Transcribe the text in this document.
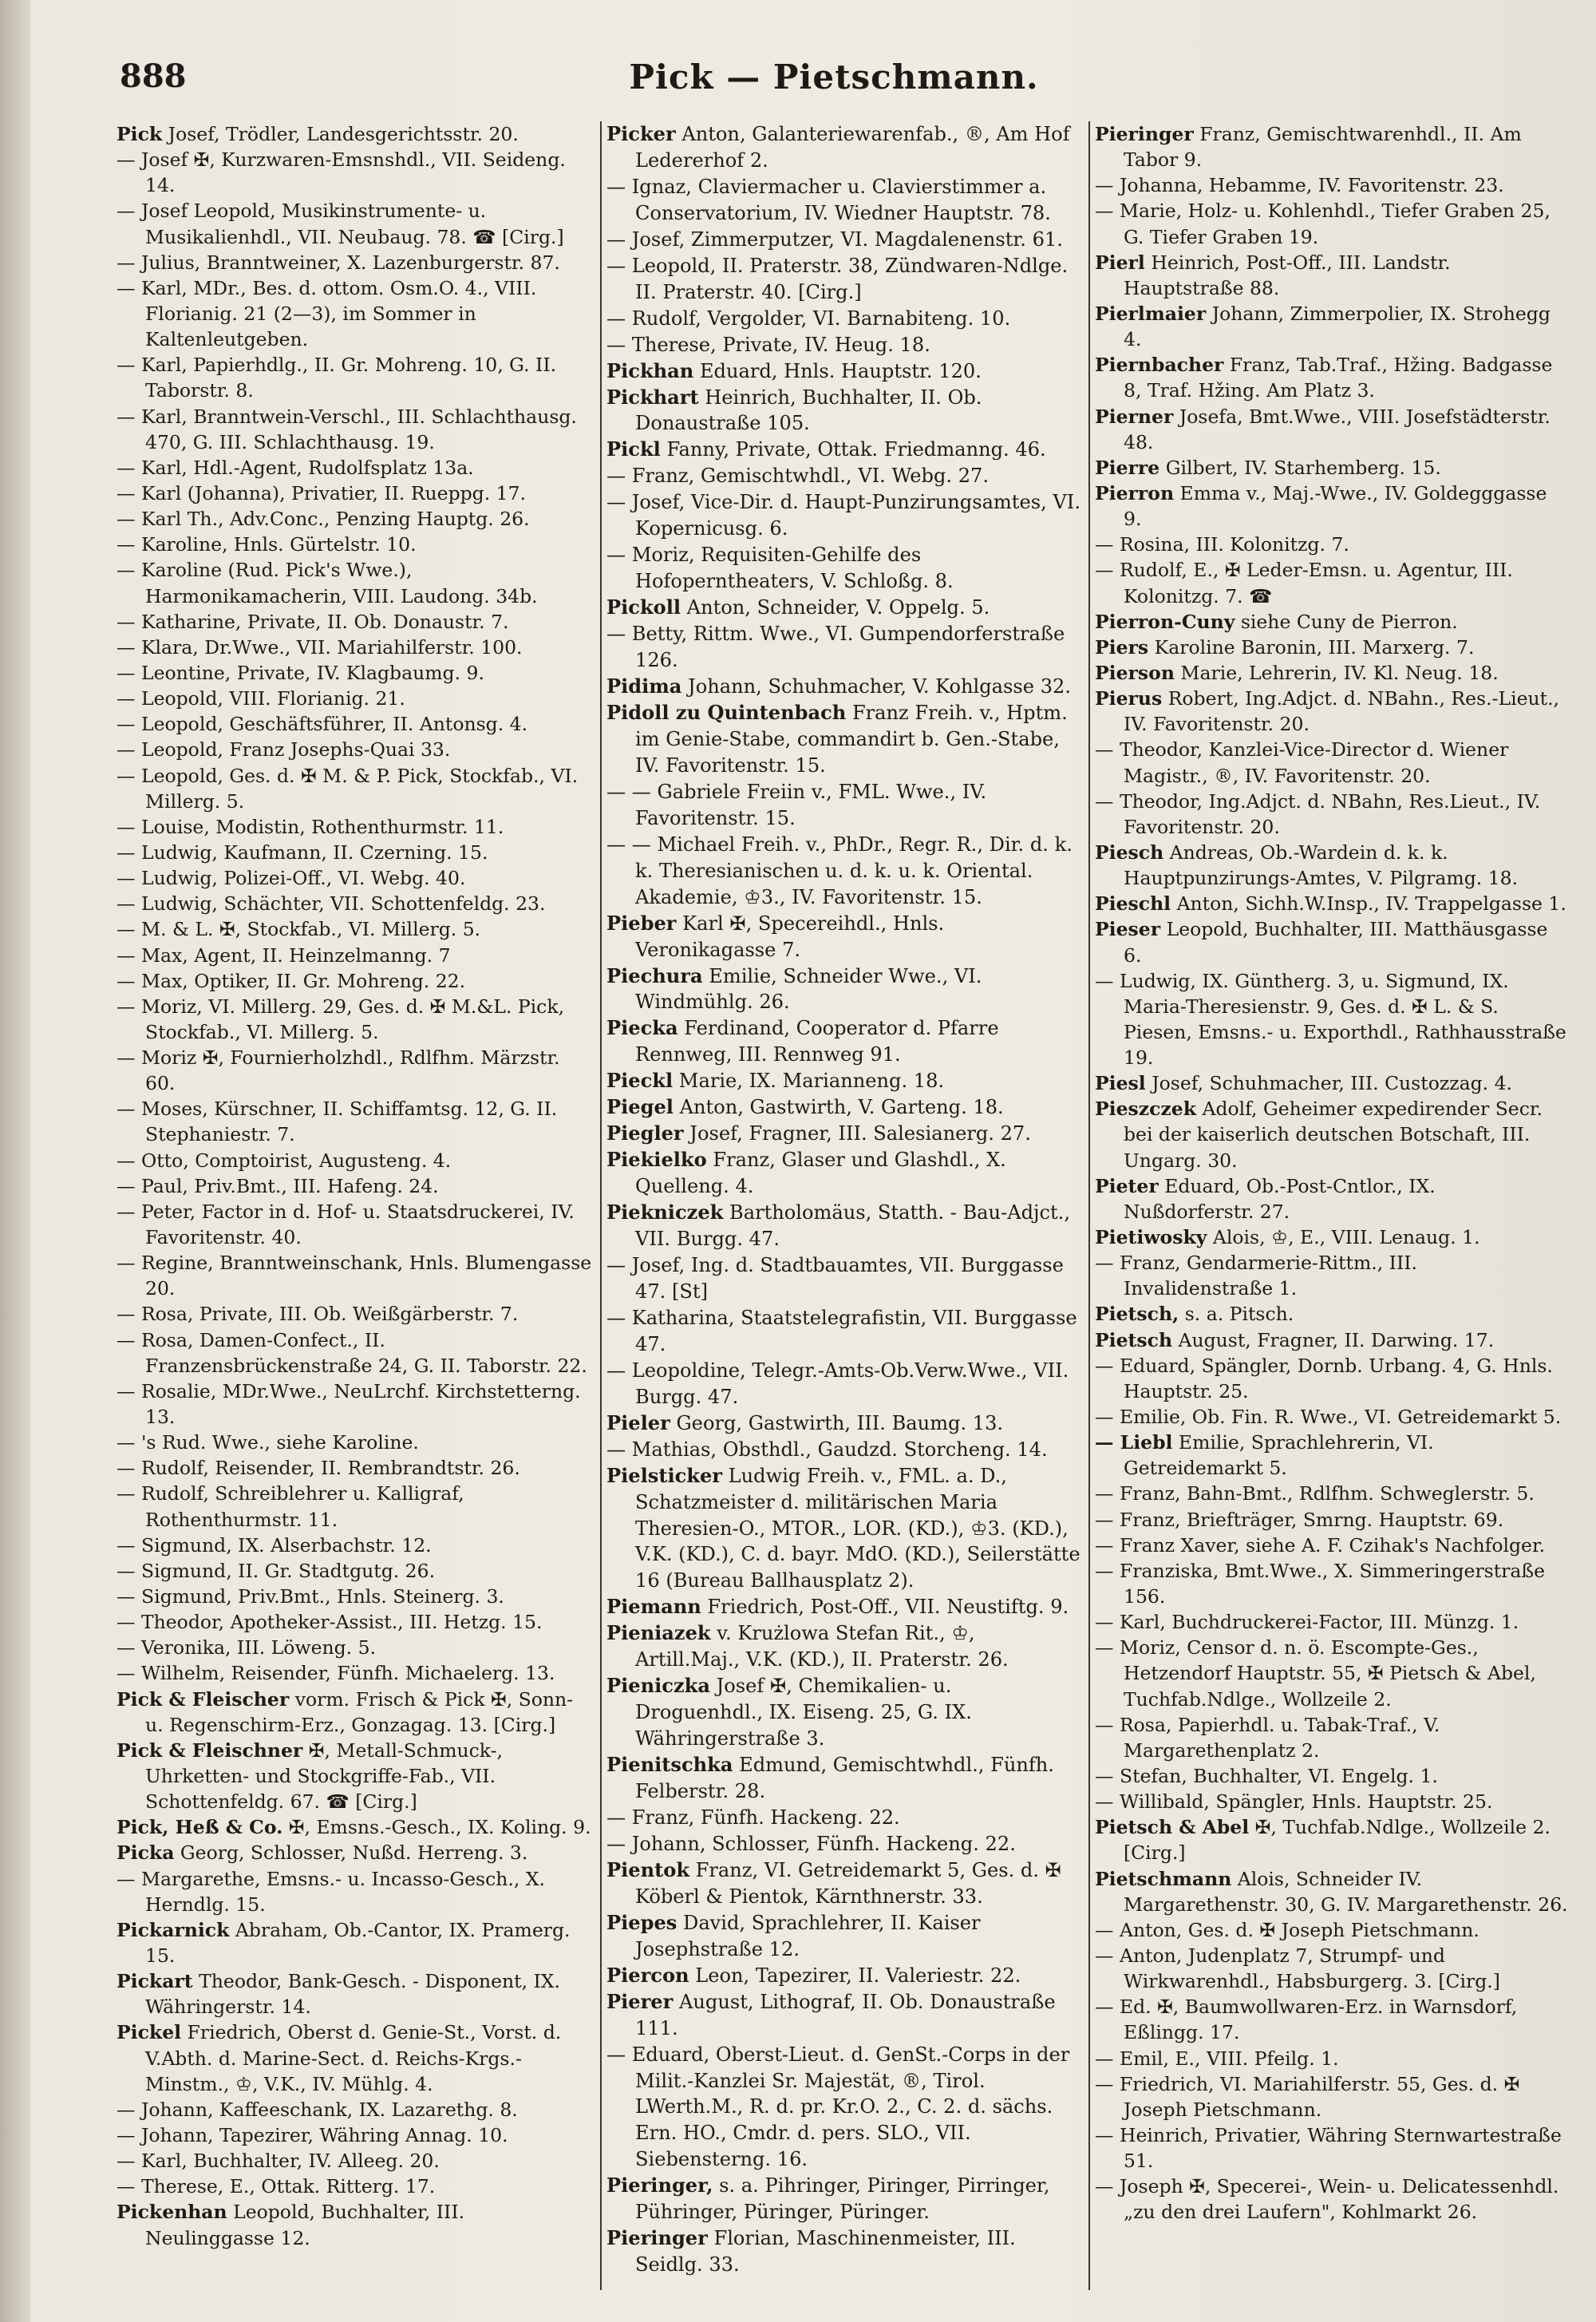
888	Pick — Pietschmann.

Pick Josef, Trödler, Landesgerichtsstr. 20.

— Josef ✠, Kurzwaren-Emsnshdl., VII. Seideng. 14.

— Josef Leopold, Musikinstrumente- u. Musikalienhdl., VII. Neubaug. 78. ☎ [Cirg.]

— Julius, Branntweiner, X. Lazenburgerstr. 87.

— Karl, MDr., Bes. d. ottom. Osm.O. 4., VIII. Florianig. 21 (2—3), im Sommer in Kaltenleutgeben.

— Karl, Papierhdlg., II. Gr. Mohreng. 10, G. II. Taborstr. 8.

— Karl, Branntwein-Verschl., III. Schlachthausg. 470, G. III. Schlachthausg. 19.

— Karl, Hdl.-Agent, Rudolfsplatz 13a.

— Karl (Johanna), Privatier, II. Rueppg. 17.

— Karl Th., Adv.Conc., Penzing Hauptg. 26.

— Karoline, Hnls. Gürtelstr. 10.

— Karoline (Rud. Pick's Wwe.), Harmonikamacherin, VIII. Laudong. 34b.

— Katharine, Private, II. Ob. Donaustr. 7.

— Klara, Dr.Wwe., VII. Mariahilferstr. 100.

— Leontine, Private, IV. Klagbaumg. 9.

— Leopold, VIII. Florianig. 21.

— Leopold, Geschäftsführer, II. Antonsg. 4.

— Leopold, Franz Josephs-Quai 33.

— Leopold, Ges. d. ✠ M. & P. Pick, Stockfab., VI. Millerg. 5.

— Louise, Modistin, Rothenthurmstr. 11.

— Ludwig, Kaufmann, II. Czerning. 15.

— Ludwig, Polizei-Off., VI. Webg. 40.

— Ludwig, Schächter, VII. Schottenfeldg. 23.

— M. & L. ✠, Stockfab., VI. Millerg. 5.

— Max, Agent, II. Heinzelmanng. 7

— Max, Optiker, II. Gr. Mohreng. 22.

— Moriz, VI. Millerg. 29, Ges. d. ✠ M.&L. Pick, Stockfab., VI. Millerg. 5.

— Moriz ✠, Fournierholzhdl., Rdlfhm. Märzstr. 60.

— Moses, Kürschner, II. Schiffamtsg. 12, G. II. Stephaniestr. 7.

— Otto, Comptoirist, Augusteng. 4.

— Paul, Priv.Bmt., III. Hafeng. 24.

— Peter, Factor in d. Hof- u. Staatsdruckerei, IV. Favoritenstr. 40.

— Regine, Branntweinschank, Hnls. Blumengasse 20.

— Rosa, Private, III. Ob. Weißgärberstr. 7.

— Rosa, Damen-Confect., II. Franzensbrückenstraße 24, G. II. Taborstr. 22.

— Rosalie, MDr.Wwe., NeuLrchf. Kirchstetterng. 13.

— 's Rud. Wwe., siehe Karoline.

— Rudolf, Reisender, II. Rembrandtstr. 26.

— Rudolf, Schreiblehrer u. Kalligraf, Rothenthurmstr. 11.

— Sigmund, IX. Alserbachstr. 12.

— Sigmund, II. Gr. Stadtgutg. 26.

— Sigmund, Priv.Bmt., Hnls. Steinerg. 3.

— Theodor, Apotheker-Assist., III. Hetzg. 15.

— Veronika, III. Löweng. 5.

— Wilhelm, Reisender, Fünfh. Michaelerg. 13.

Pick & Fleischer vorm. Frisch & Pick ✠, Sonn- u. Regenschirm-Erz., Gonzagag. 13. [Cirg.]

Pick & Fleischner ✠, Metall-Schmuck-, Uhrketten- und Stockgriffe-Fab., VII. Schottenfeldg. 67. ☎ [Cirg.]

Pick, Heß & Co. ✠, Emsns.-Gesch., IX. Koling. 9.

Picka Georg, Schlosser, Nußd. Herreng. 3.

— Margarethe, Emsns.- u. Incasso-Gesch., X. Herndlg. 15.

Pickarnick Abraham, Ob.-Cantor, IX. Pramerg. 15.

Pickart Theodor, Bank-Gesch. - Disponent, IX. Währingerstr. 14.

Pickel Friedrich, Oberst d. Genie-St., Vorst. d. V.Abth. d. Marine-Sect. d. Reichs-Krgs.-Minstm., ♔, V.K., IV. Mühlg. 4.

— Johann, Kaffeeschank, IX. Lazarethg. 8.

— Johann, Tapezirer, Währing Annag. 10.

— Karl, Buchhalter, IV. Alleeg. 20.

— Therese, E., Ottak. Ritterg. 17.

Pickenhan Leopold, Buchhalter, III. Neulinggasse 12.

Picker Anton, Galanteriewarenfab., ®, Am Hof Ledererhof 2.

— Ignaz, Claviermacher u. Clavierstimmer a. Conservatorium, IV. Wiedner Hauptstr. 78.

— Josef, Zimmerputzer, VI. Magdalenenstr. 61.

— Leopold, II. Praterstr. 38, Zündwaren-Ndlge. II. Praterstr. 40. [Cirg.]

— Rudolf, Vergolder, VI. Barnabiteng. 10.

— Therese, Private, IV. Heug. 18.

Pickhan Eduard, Hnls. Hauptstr. 120.

Pickhart Heinrich, Buchhalter, II. Ob. Donaustraße 105.

Pickl Fanny, Private, Ottak. Friedmanng. 46.

— Franz, Gemischtwhdl., VI. Webg. 27.

— Josef, Vice-Dir. d. Haupt-Punzirungsamtes, VI. Kopernicusg. 6.

— Moriz, Requisiten-Gehilfe des Hofoperntheaters, V. Schloßg. 8.

Pickoll Anton, Schneider, V. Oppelg. 5.

— Betty, Rittm. Wwe., VI. Gumpendorferstraße 126.

Pidima Johann, Schuhmacher, V. Kohlgasse 32.

Pidoll zu Quintenbach Franz Freih. v., Hptm. im Genie-Stabe, commandirt b. Gen.-Stabe, IV. Favoritenstr. 15.

— — Gabriele Freiin v., FML. Wwe., IV. Favoritenstr. 15.

— — Michael Freih. v., PhDr., Regr. R., Dir. d. k. k. Theresianischen u. d. k. u. k. Oriental. Akademie, ♔3., IV. Favoritenstr. 15.

Pieber Karl ✠, Specereihdl., Hnls. Veronikagasse 7.

Piechura Emilie, Schneider Wwe., VI. Windmühlg. 26.

Piecka Ferdinand, Cooperator d. Pfarre Rennweg, III. Rennweg 91.

Pieckl Marie, IX. Marianneng. 18.

Piegel Anton, Gastwirth, V. Garteng. 18.

Piegler Josef, Fragner, III. Salesianerg. 27.

Piekielko Franz, Glaser und Glashdl., X. Quelleng. 4.

Piekniczek Bartholomäus, Statth. - Bau-Adjct., VII. Burgg. 47.

— Josef, Ing. d. Stadtbauamtes, VII. Burggasse 47. [St]

— Katharina, Staatstelegrafistin, VII. Burggasse 47.

— Leopoldine, Telegr.-Amts-Ob.Verw.Wwe., VII. Burgg. 47.

Pieler Georg, Gastwirth, III. Baumg. 13.

— Mathias, Obsthdl., Gaudzd. Storcheng. 14.

Pielsticker Ludwig Freih. v., FML. a. D., Schatzmeister d. militärischen Maria Theresien-O., MTOR., LOR. (KD.), ♔3. (KD.), V.K. (KD.), C. d. bayr. MdO. (KD.), Seilerstätte 16 (Bureau Ballhausplatz 2).

Piemann Friedrich, Post-Off., VII. Neustiftg. 9.

Pieniazek v. Krużlowa Stefan Rit., ♔, Artill.Maj., V.K. (KD.), II. Praterstr. 26.

Pieniczka Josef ✠, Chemikalien- u. Droguenhdl., IX. Eiseng. 25, G. IX. Währingerstraße 3.

Pienitschka Edmund, Gemischtwhdl., Fünfh. Felberstr. 28.

— Franz, Fünfh. Hackeng. 22.

— Johann, Schlosser, Fünfh. Hackeng. 22.

Pientok Franz, VI. Getreidemarkt 5, Ges. d. ✠ Köberl & Pientok, Kärnthnerstr. 33.

Piepes David, Sprachlehrer, II. Kaiser Josephstraße 12.

Piercon Leon, Tapezirer, II. Valeriestr. 22.

Pierer August, Lithograf, II. Ob. Donaustraße 111.

— Eduard, Oberst-Lieut. d. GenSt.-Corps in der Milit.-Kanzlei Sr. Majestät, ®, Tirol. LWerth.M., R. d. pr. Kr.O. 2., C. 2. d. sächs. Ern. HO., Cmdr. d. pers. SLO., VII. Siebensterng. 16.

Pieringer, s. a. Pihringer, Piringer, Pirringer, Pühringer, Püringer, Püringer.

Pieringer Florian, Maschinenmeister, III. Seidlg. 33.

Pieringer Franz, Gemischtwarenhdl., II. Am Tabor 9.

— Johanna, Hebamme, IV. Favoritenstr. 23.

— Marie, Holz- u. Kohlenhdl., Tiefer Graben 25, G. Tiefer Graben 19.

Pierl Heinrich, Post-Off., III. Landstr. Hauptstraße 88.

Pierlmaier Johann, Zimmerpolier, IX. Strohegg 4.

Piernbacher Franz, Tab.Traf., Hžing. Badgasse 8, Traf. Hžing. Am Platz 3.

Pierner Josefa, Bmt.Wwe., VIII. Josefstädterstr. 48.

Pierre Gilbert, IV. Starhemberg. 15.

Pierron Emma v., Maj.-Wwe., IV. Goldegggasse 9.

— Rosina, III. Kolonitzg. 7.

— Rudolf, E., ✠ Leder-Emsn. u. Agentur, III. Kolonitzg. 7. ☎

Pierron-Cuny siehe Cuny de Pierron.

Piers Karoline Baronin, III. Marxerg. 7.

Pierson Marie, Lehrerin, IV. Kl. Neug. 18.

Pierus Robert, Ing.Adjct. d. NBahn., Res.-Lieut., IV. Favoritenstr. 20.

— Theodor, Kanzlei-Vice-Director d. Wiener Magistr., ®, IV. Favoritenstr. 20.

— Theodor, Ing.Adjct. d. NBahn, Res.Lieut., IV. Favoritenstr. 20.

Piesch Andreas, Ob.-Wardein d. k. k. Hauptpunzirungs-Amtes, V. Pilgramg. 18.

Pieschl Anton, Sichh.W.Insp., IV. Trappelgasse 1.

Pieser Leopold, Buchhalter, III. Matthäusgasse 6.

— Ludwig, IX. Güntherg. 3, u. Sigmund, IX. Maria-Theresienstr. 9, Ges. d. ✠ L. & S. Piesen, Emsns.- u. Exporthdl., Rathhausstraße 19.

Piesl Josef, Schuhmacher, III. Custozzag. 4.

Pieszczek Adolf, Geheimer expedirender Secr. bei der kaiserlich deutschen Botschaft, III. Ungarg. 30.

Pieter Eduard, Ob.-Post-Cntlor., IX. Nußdorferstr. 27.

Pietiwosky Alois, ♔, E., VIII. Lenaug. 1.

— Franz, Gendarmerie-Rittm., III. Invalidenstraße 1.

Pietsch, s. a. Pitsch.

Pietsch August, Fragner, II. Darwing. 17.

— Eduard, Spängler, Dornb. Urbang. 4, G. Hnls. Hauptstr. 25.

— Emilie, Ob. Fin. R. Wwe., VI. Getreidemarkt 5.

— Liebl Emilie, Sprachlehrerin, VI. Getreidemarkt 5.

— Franz, Bahn-Bmt., Rdlfhm. Schweglerstr. 5.

— Franz, Briefträger, Smrng. Hauptstr. 69.

— Franz Xaver, siehe A. F. Czihak's Nachfolger.

— Franziska, Bmt.Wwe., X. Simmeringerstraße 156.

— Karl, Buchdruckerei-Factor, III. Münzg. 1.

— Moriz, Censor d. n. ö. Escompte-Ges., Hetzendorf Hauptstr. 55, ✠ Pietsch & Abel, Tuchfab.Ndlge., Wollzeile 2.

— Rosa, Papierhdl. u. Tabak-Traf., V. Margarethenplatz 2.

— Stefan, Buchhalter, VI. Engelg. 1.

— Willibald, Spängler, Hnls. Hauptstr. 25.

Pietsch & Abel ✠, Tuchfab.Ndlge., Wollzeile 2. [Cirg.]

Pietschmann Alois, Schneider IV. Margarethenstr. 30, G. IV. Margarethenstr. 26.

— Anton, Ges. d. ✠ Joseph Pietschmann.

— Anton, Judenplatz 7, Strumpf- und Wirkwarenhdl., Habsburgerg. 3. [Cirg.]

— Ed. ✠, Baumwollwaren-Erz. in Warnsdorf, Eßlingg. 17.

— Emil, E., VIII. Pfeilg. 1.

— Friedrich, VI. Mariahilferstr. 55, Ges. d. ✠ Joseph Pietschmann.

— Heinrich, Privatier, Währing Sternwartestraße 51.

— Joseph ✠, Specerei-, Wein- u. Delicatessenhdl. „zu den drei Laufern", Kohlmarkt 26.
